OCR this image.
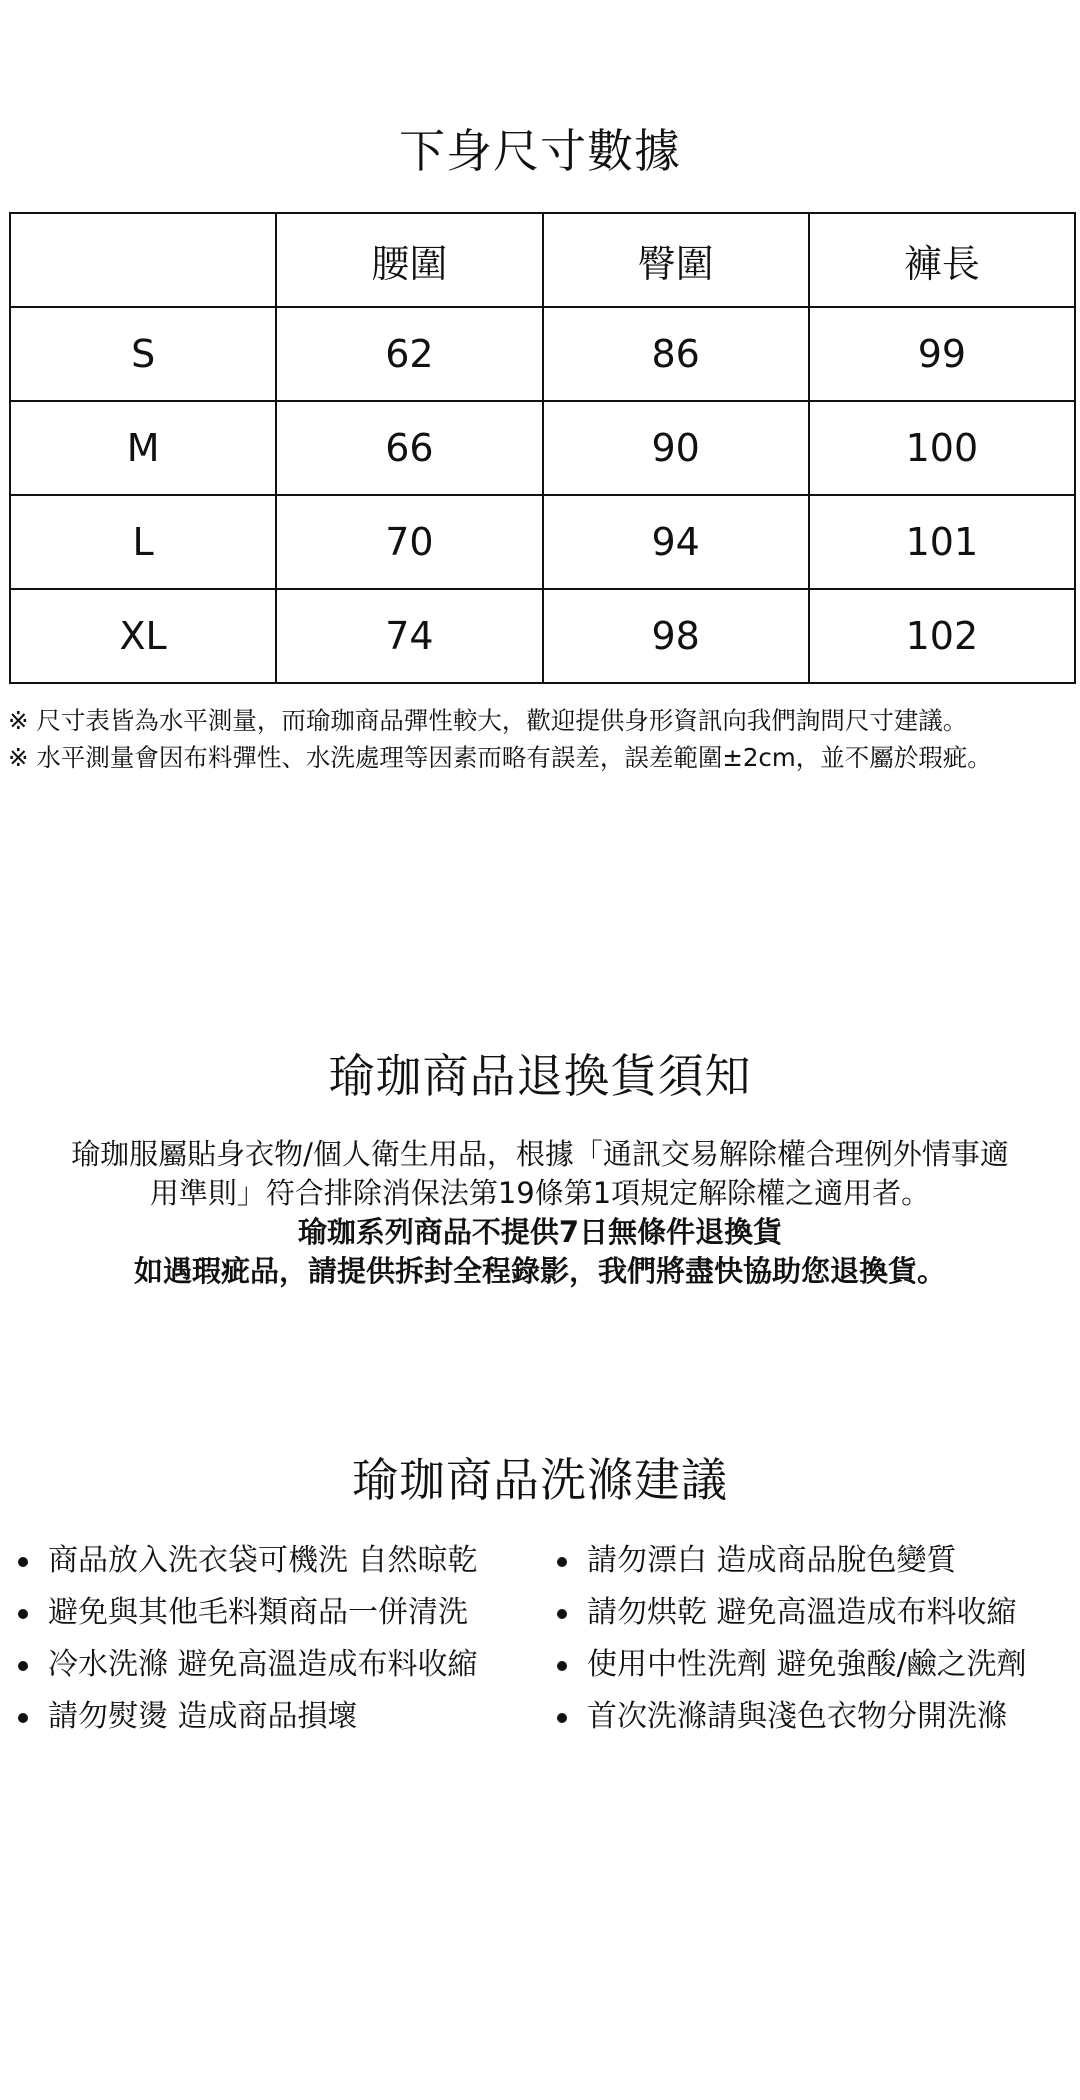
下身尺寸數據
	腰圍	臀圍	褲長
S	62	86	99
M	66	90	100
L	70	94	101
XL	74	98	102

※ 尺寸表皆為水平測量，而瑜珈商品彈性較大，歡迎提供身形資訊向我們詢問尺寸建議。

※ 水平測量會因布料彈性、水洗處理等因素而略有誤差，誤差範圍±2cm，並不屬於瑕疵。

瑜珈商品退換貨須知

瑜珈服屬貼身衣物/個人衛生用品，根據「通訊交易解除權合理例外情事適

用準則」符合排除消保法第19條第1項規定解除權之適用者。

瑜珈系列商品不提供7日無條件退換貨

如遇瑕疵品，請提供拆封全程錄影，我們將盡快協助您退換貨。

瑜珈商品洗滌建議
商品放入洗衣袋可機洗 自然晾乾
避免與其他毛料類商品一併清洗
冷水洗滌 避免高溫造成布料收縮
請勿熨燙 造成商品損壞
請勿漂白 造成商品脫色變質
請勿烘乾 避免高溫造成布料收縮
使用中性洗劑 避免強酸/鹼之洗劑
首次洗滌請與淺色衣物分開洗滌
